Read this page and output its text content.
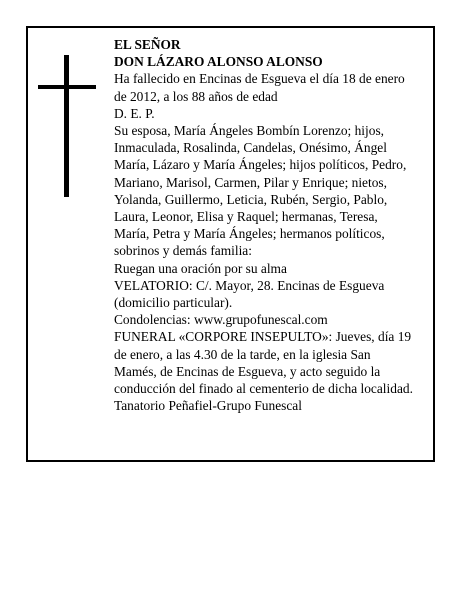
EL SEÑOR

DON LÁZARO ALONSO ALONSO

Ha fallecido en Encinas de Esgueva el día 18 de enero

de 2012, a los 88 años de edad

D. E. P.

Su esposa, María Ángeles Bombín Lorenzo; hijos,

Inmaculada, Rosalinda, Candelas, Onésimo, Ángel

María, Lázaro y María Ángeles; hijos políticos, Pedro,

Mariano, Marisol, Carmen, Pilar y Enrique; nietos,

Yolanda, Guillermo, Leticia, Rubén, Sergio, Pablo,

Laura, Leonor, Elisa y Raquel; hermanas, Teresa,

María, Petra y María Ángeles; hermanos políticos,

sobrinos y demás familia:

Ruegan una oración por su alma

VELATORIO: C/. Mayor, 28. Encinas de Esgueva

(domicilio particular).

Condolencias: www.grupofunescal.com

FUNERAL «CORPORE INSEPULTO»: Jueves, día 19

de enero, a las 4.30 de la tarde, en la iglesia San

Mamés, de Encinas de Esgueva, y acto seguido la

conducción del finado al cementerio de dicha localidad.

Tanatorio Peñafiel-Grupo Funescal
